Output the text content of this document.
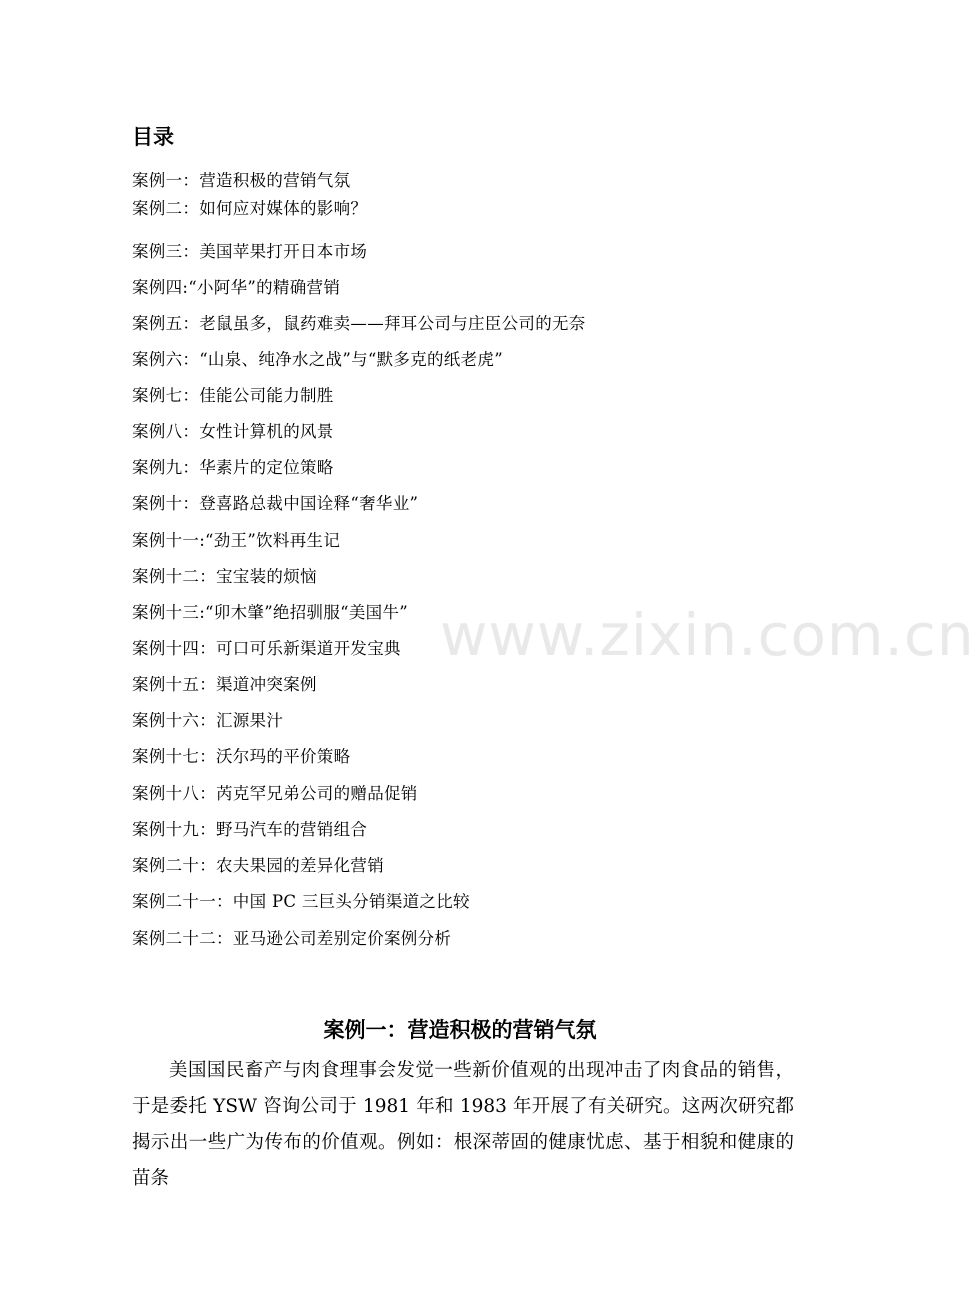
目录
案例一：营造积极的营销气氛
案例二：如何应对媒体的影响？
案例三：美国苹果打开日本市场
案例四:“小阿华”的精确营销
案例五：老鼠虽多，鼠药难卖——拜耳公司与庄臣公司的无奈
案例六：“山泉、纯净水之战”与“默多克的纸老虎”
案例七：佳能公司能力制胜
案例八：女性计算机的风景
案例九：华素片的定位策略
案例十：登喜路总裁中国诠释“奢华业”
案例十一:“劲王”饮料再生记
案例十二：宝宝装的烦恼
案例十三:“卯木肇”绝招驯服“美国牛”
案例十四：可口可乐新渠道开发宝典
案例十五：渠道冲突案例
案例十六：汇源果汁
案例十七：沃尔玛的平价策略
案例十八：芮克罕兄弟公司的赠品促销
案例十九：野马汽车的营销组合
案例二十：农夫果园的差异化营销
案例二十一：中国 PC 三巨头分销渠道之比较
案例二十二：亚马逊公司差别定价案例分析
www.zixin.com.cn
案例一：营造积极的营销气氛

美国国民畜产与肉食理事会发觉一些新价值观的出现冲击了肉食品的销售，于是委托 YSW 咨询公司于 1981 年和 1983 年开展了有关研究。这两次研究都揭示出一些广为传布的价值观。例如：根深蒂固的健康忧虑、基于相貌和健康的苗条
